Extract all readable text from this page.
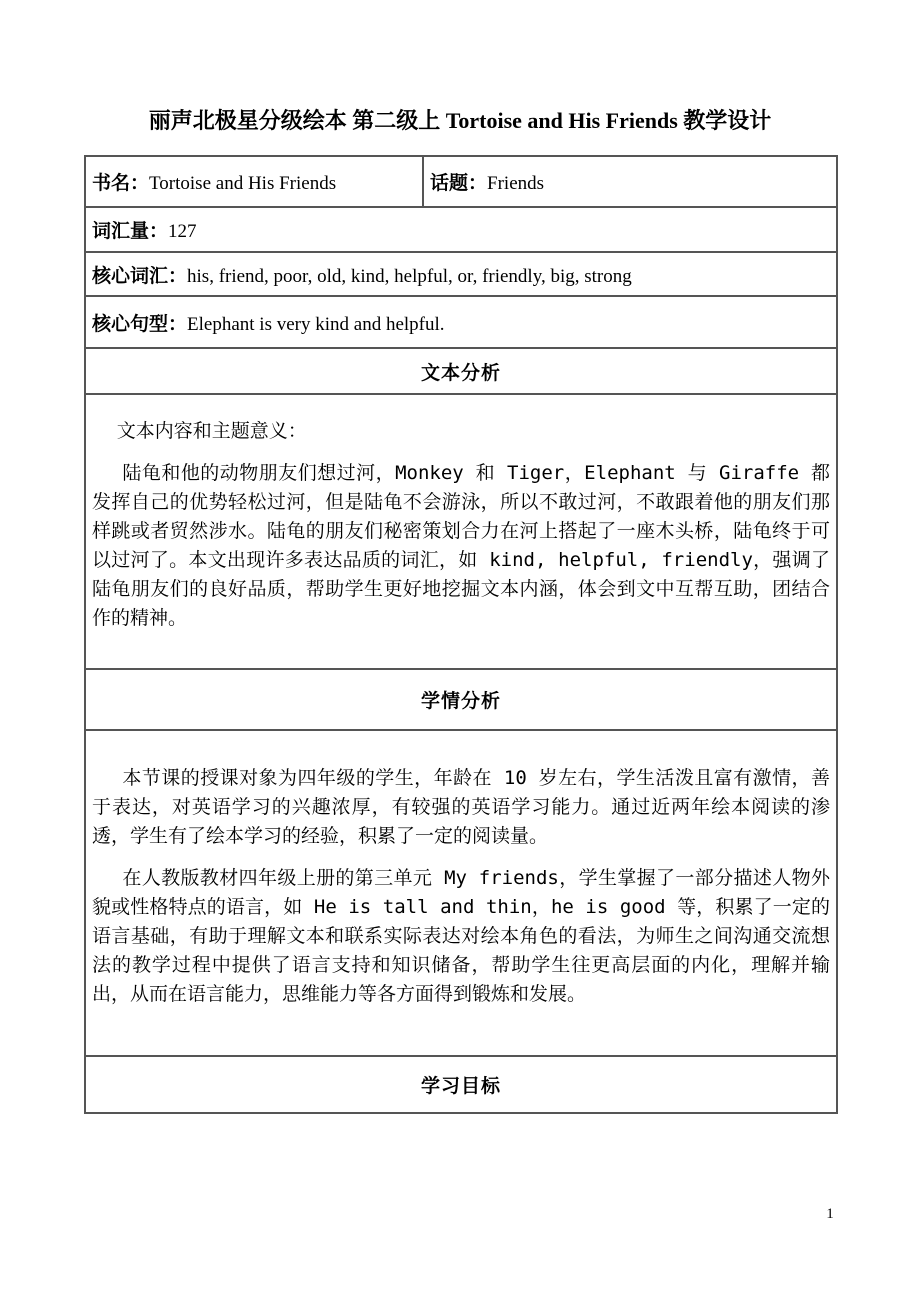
丽声北极星分级绘本 第二级上 Tortoise and His Friends 教学设计
书名：Tortoise and His Friends	话题：Friends
词汇量：127
核心词汇：his, friend, poor, old, kind, helpful, or, friendly, big, strong
核心句型：Elephant is very kind and helpful.
文本分析

文本内容和主题意义：

陆龟和他的动物朋友们想过河，Monkey 和 Tiger，Elephant 与 Giraffe 都发挥自己的优势轻松过河，但是陆龟不会游泳，所以不敢过河，不敢跟着他的朋友们那样跳或者贸然涉水。陆龟的朋友们秘密策划合力在河上搭起了一座木头桥，陆龟终于可以过河了。本文出现许多表达品质的词汇，如 kind, helpful, friendly，强调了陆龟朋友们的良好品质，帮助学生更好地挖掘文本内涵，体会到文中互帮互助，团结合作的精神。

学情分析

本节课的授课对象为四年级的学生，年龄在 10 岁左右，学生活泼且富有激情，善于表达，对英语学习的兴趣浓厚，有较强的英语学习能力。通过近两年绘本阅读的渗透，学生有了绘本学习的经验，积累了一定的阅读量。

在人教版教材四年级上册的第三单元 My friends，学生掌握了一部分描述人物外貌或性格特点的语言，如 He is tall and thin，he is good 等，积累了一定的语言基础，有助于理解文本和联系实际表达对绘本角色的看法，为师生之间沟通交流想法的教学过程中提供了语言支持和知识储备，帮助学生往更高层面的内化，理解并输出，从而在语言能力，思维能力等各方面得到锻炼和发展。

学习目标
1
